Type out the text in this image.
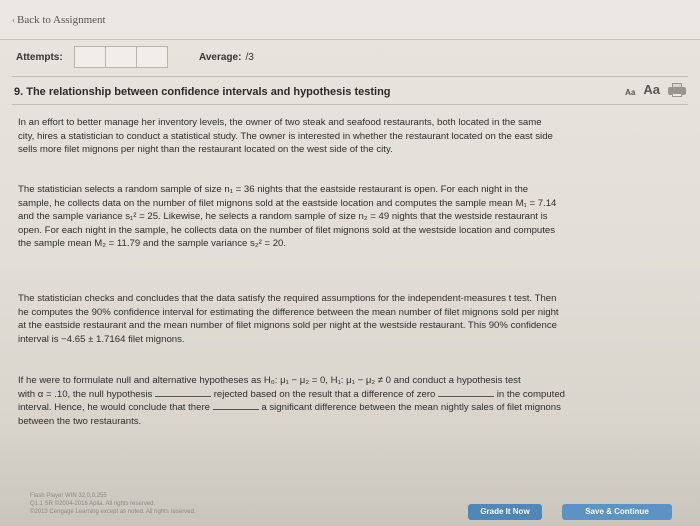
‹ Back to Assignment
Attempts:	Average: /3
9. The relationship between confidence intervals and hypothesis testing	Aa Aa

In an effort to better manage her inventory levels, the owner of two steak and seafood restaurants, both located in the same

city, hires a statistician to conduct a statistical study. The owner is interested in whether the restaurant located on the east side

sells more filet mignons per night than the restaurant located on the west side of the city.

The statistician selects a random sample of size n₁ = 36 nights that the eastside restaurant is open. For each night in the

sample, he collects data on the number of filet mignons sold at the eastside location and computes the sample mean M₁ = 7.14

and the sample variance s₁² = 25. Likewise, he selects a random sample of size n₂ = 49 nights that the westside restaurant is

open. For each night in the sample, he collects data on the number of filet mignons sold at the westside location and computes

the sample mean M₂ = 11.79 and the sample variance s₂² = 20.

The statistician checks and concludes that the data satisfy the required assumptions for the independent-measures t test. Then

he computes the 90% confidence interval for estimating the difference between the mean number of filet mignons sold per night

at the eastside restaurant and the mean number of filet mignons sold per night at the westside restaurant. This 90% confidence

interval is −4.65 ± 1.7164 filet mignons.

If he were to formulate null and alternative hypotheses as H₀: μ₁ − μ₂ = 0, H₁: μ₁ − μ₂ ≠ 0 and conduct a hypothesis test

with α = .10, the null hypothesis	rejected based on the result that a difference of zero	in the computed

interval. Hence, he would conclude that there	a significant difference between the mean nightly sales of filet mignons

between the two restaurants.

Flash Player WIN 32,0,0,255
Q1.1 SR ©2004-2016 Aplia. All rights reserved.
©2013 Cengage Learning except as noted. All rights reserved.	Grade It Now	Save & Continue
